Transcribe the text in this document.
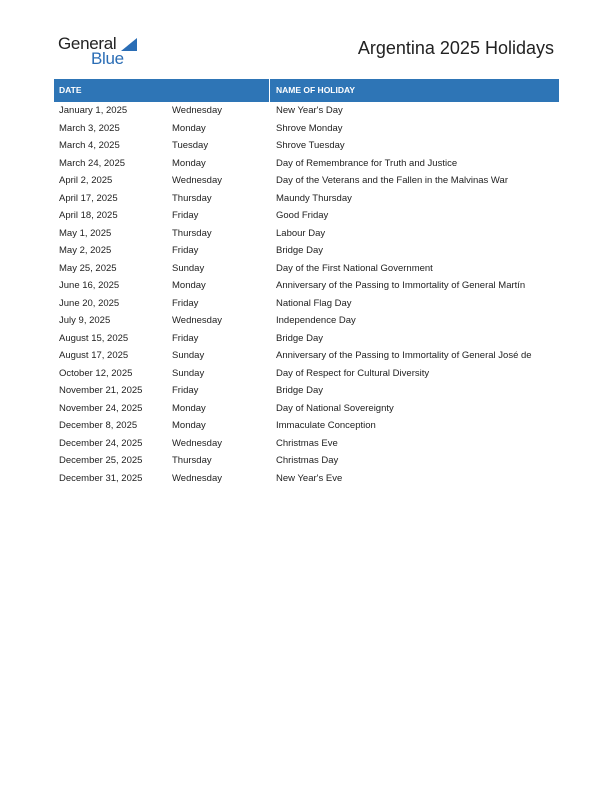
General
Blue
Argentina 2025 Holidays
DATE	NAME OF HOLIDAY
January 1, 2025	Wednesday	New Year's Day
March 3, 2025	Monday	Shrove Monday
March 4, 2025	Tuesday	Shrove Tuesday
March 24, 2025	Monday	Day of Remembrance for Truth and Justice
April 2, 2025	Wednesday	Day of the Veterans and the Fallen in the Malvinas War
April 17, 2025	Thursday	Maundy Thursday
April 18, 2025	Friday	Good Friday
May 1, 2025	Thursday	Labour Day
May 2, 2025	Friday	Bridge Day
May 25, 2025	Sunday	Day of the First National Government
June 16, 2025	Monday	Anniversary of the Passing to Immortality of General Martín
June 20, 2025	Friday	National Flag Day
July 9, 2025	Wednesday	Independence Day
August 15, 2025	Friday	Bridge Day
August 17, 2025	Sunday	Anniversary of the Passing to Immortality of General José de
October 12, 2025	Sunday	Day of Respect for Cultural Diversity
November 21, 2025	Friday	Bridge Day
November 24, 2025	Monday	Day of National Sovereignty
December 8, 2025	Monday	Immaculate Conception
December 24, 2025	Wednesday	Christmas Eve
December 25, 2025	Thursday	Christmas Day
December 31, 2025	Wednesday	New Year's Eve
